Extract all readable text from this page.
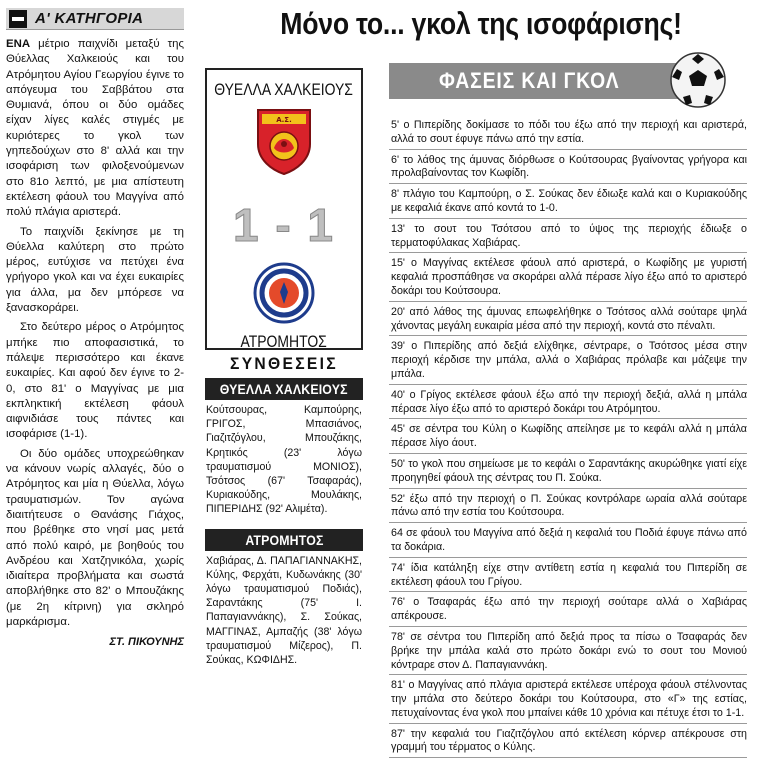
Α' ΚΑΤΗΓΟΡΙΑ

ΕΝΑ μέτριο παιχνίδι μεταξύ της Θύελλας Χαλκειούς και του Ατρόμητου Αγίου Γεωργίου έγινε το απόγευμα του Σαββάτου στα Θυμιανά, όπου οι δύο ομάδες είχαν λίγες καλές στιγμές με κυριότερες το γκολ των γηπεδούχων στο 8' αλλά και την ισοφάριση των φιλοξενούμενων στο 81ο λεπτό, με μια απίστευτη εκτέλεση φάουλ του Μαγγίνα από πολύ πλάγια αριστερά.

Το παιχνίδι ξεκίνησε με τη Θύελλα καλύτερη στο πρώτο μέρος, ευτύχισε να πετύχει ένα γρήγορο γκολ και να έχει ευκαιρίες για άλλα, μα δεν μπόρεσε να ξανασκοράρει.

Στο δεύτερο μέρος ο Ατρόμητος μπήκε πιο αποφασιστικά, το πάλεψε περισσότερο και έκανε ευκαιρίες. Και αφού δεν έγινε το 2-0, στο 81' ο Μαγγίνας με μια εκπληκτική εκτέλεση φάουλ αιφνιδιάσε τους πάντες και ισοφάρισε (1-1).

Οι δύο ομάδες υποχρεώθηκαν να κάνουν νωρίς αλλαγές, δύο ο Ατρόμητος και μία η Θύελλα, λόγω τραυματισμών. Τον αγώνα διαιτήτευσε ο Θανάσης Γιάχος, που βρέθηκε στο νησί μας μετά από πολύ καιρό, με βοηθούς του Ανδρέου και Χατζηνικόλα, χωρίς ιδιαίτερα προβλήματα και σωστά αποβλήθηκε στο 82' ο Μπουζάκης (με 2η κίτρινη) για σκληρό μαρκάρισμα.

ΣΤ. ΠΙΚΟΥΝΗΣ
Μόνο το... γκολ της ισοφάρισης!
ΘΥΕΛΛΑ ΧΑΛΚΕΙΟΥΣ
Α.Σ.
1 - 1
ΑΤΡΟΜΗΤΟΣ
ΣΥΝΘΕΣΕΙΣ
ΘΥΕΛΛΑ ΧΑΛΚΕΙΟΥΣ
Κούτσουρας, Καμπούρης, ΓΡΙΓΟΣ, Μπασιάνος, Γιαζιτζόγλου, Μπουζάκης, Κρητικός (23' λόγω τραυματισμού ΜΟΝΙΟΣ), Τσότσος (67' Τσαφαράς), Κυριακούδης, Μουλάκης, ΠΙΠΕΡΙΔΗΣ (92' Αλιμέτα).
ΑΤΡΟΜΗΤΟΣ
Χαβιάρας, Δ. ΠΑΠΑΓΙΑΝΝΑΚΗΣ, Κύλης, Φερχάτι, Κυδωνάκης (30' λόγω τραυματισμού Ποδιάς), Σαραντάκης (75' Ι. Παπαγιαννάκης), Σ. Σούκας, ΜΑΓΓΙΝΑΣ, Αμπαζής (38' λόγω τραυματισμού Μίζερος), Π. Σούκας, ΚΩΦΙΔΗΣ.
ΦΑΣΕΙΣ ΚΑΙ ΓΚΟΛ
5' ο Πιπερίδης δοκίμασε το πόδι του έξω από την περιοχή και αριστερά, αλλά το σουτ έφυγε πάνω από την εστία.
6' το λάθος της άμυνας διόρθωσε ο Κούτσουρας βγαίνοντας γρήγορα και προλαβαίνοντας τον Κωφίδη.
8' πλάγιο του Καμπούρη, ο Σ. Σούκας δεν έδιωξε καλά και ο Κυριακούδης με κεφαλιά έκανε από κοντά το 1-0.
13' το σουτ του Τσότσου από το ύψος της περιοχής έδιωξε ο τερματοφύλακας Χαβιάρας.
15' ο Μαγγίνας εκτέλεσε φάουλ από αριστερά, ο Κωφίδης με γυριστή κεφαλιά προσπάθησε να σκοράρει αλλά πέρασε λίγο έξω από το αριστερό δοκάρι του Κούτσουρα.
20' από λάθος της άμυνας επωφελήθηκε ο Τσότσος αλλά σούταρε ψηλά χάνοντας μεγάλη ευκαιρία μέσα από την περιοχή, κοντά στο πέναλτι.
39' ο Πιπερίδης από δεξιά ελίχθηκε, σέντραρε, ο Τσότσος μέσα στην περιοχή κέρδισε την μπάλα, αλλά ο Χαβιάρας πρόλαβε και μάζεψε την μπάλα.
40' ο Γρίγος εκτέλεσε φάουλ έξω από την περιοχή δεξιά, αλλά η μπάλα πέρασε λίγο έξω από το αριστερό δοκάρι του Ατρόμητου.
45' σε σέντρα του Κύλη ο Κωφίδης απείλησε με το κεφάλι αλλά η μπάλα πέρασε λίγο άουτ.
50' το γκολ που σημείωσε με το κεφάλι ο Σαραντάκης ακυρώθηκε γιατί είχε προηγηθεί φάουλ της σέντρας του Π. Σούκα.
52' έξω από την περιοχή ο Π. Σούκας κοντρόλαρε ωραία αλλά σούταρε πάνω από την εστία του Κούτσουρα.
64 σε φάουλ του Μαγγίνα από δεξιά η κεφαλιά του Ποδιά έφυγε πάνω από τα δοκάρια.
74' ίδια κατάληξη είχε στην αντίθετη εστία η κεφαλιά του Πιπερίδη σε εκτέλεση φάουλ του Γρίγου.
76' ο Τσαφαράς έξω από την περιοχή σούταρε αλλά ο Χαβιάρας απέκρουσε.
78' σε σέντρα του Πιπερίδη από δεξιά προς τα πίσω ο Τσαφαράς δεν βρήκε την μπάλα καλά στο πρώτο δοκάρι ενώ το σουτ του Μονιού κόντραρε στον Δ. Παπαγιαννάκη.
81' ο Μαγγίνας από πλάγια αριστερά εκτέλεσε υπέροχα φάουλ στέλνοντας την μπάλα στο δεύτερο δοκάρι του Κούτσουρα, στο «Γ» της εστίας, πετυχαίνοντας ένα γκολ που μπαίνει κάθε 10 χρόνια και πέτυχε έτσι το 1-1.
87' την κεφαλιά του Γιαζιτζόγλου από εκτέλεση κόρνερ απέκρουσε στη γραμμή του τέρματος ο Κύλης.
